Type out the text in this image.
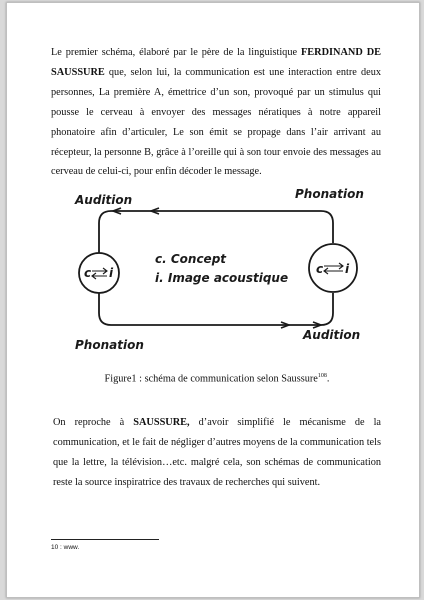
Le premier schéma, élaboré par le père de la linguistique FERDINAND DE SAUSSURE que, selon lui, la communication est une interaction entre deux personnes, La première A, émettrice d’un son, provoqué par un stimulus qui pousse le cerveau à envoyer des messages nératiques à notre appareil phonatoire afin d’articuler, Le son émit se propage dans l’air arrivant au récepteur, la personne B, grâce à l’oreille qui à son tour envoie des messages au cerveau de celui-ci, pour enfin décoder le message.

Audition	Phonation
Phonation
Audition
c i	c i
c. Concept
i. Image acoustique

Figure1 : schéma de communication selon Saussure$^{108}$.

On reproche à SAUSSURE, d’avoir simplifié le mécanisme de la communication, et le fait de négliger d’autres moyens de la communication tels que la lettre, la télévision…etc. malgré cela, son schémas de communication reste la source inspiratrice des travaux de recherches qui suivent.

10 : www.
